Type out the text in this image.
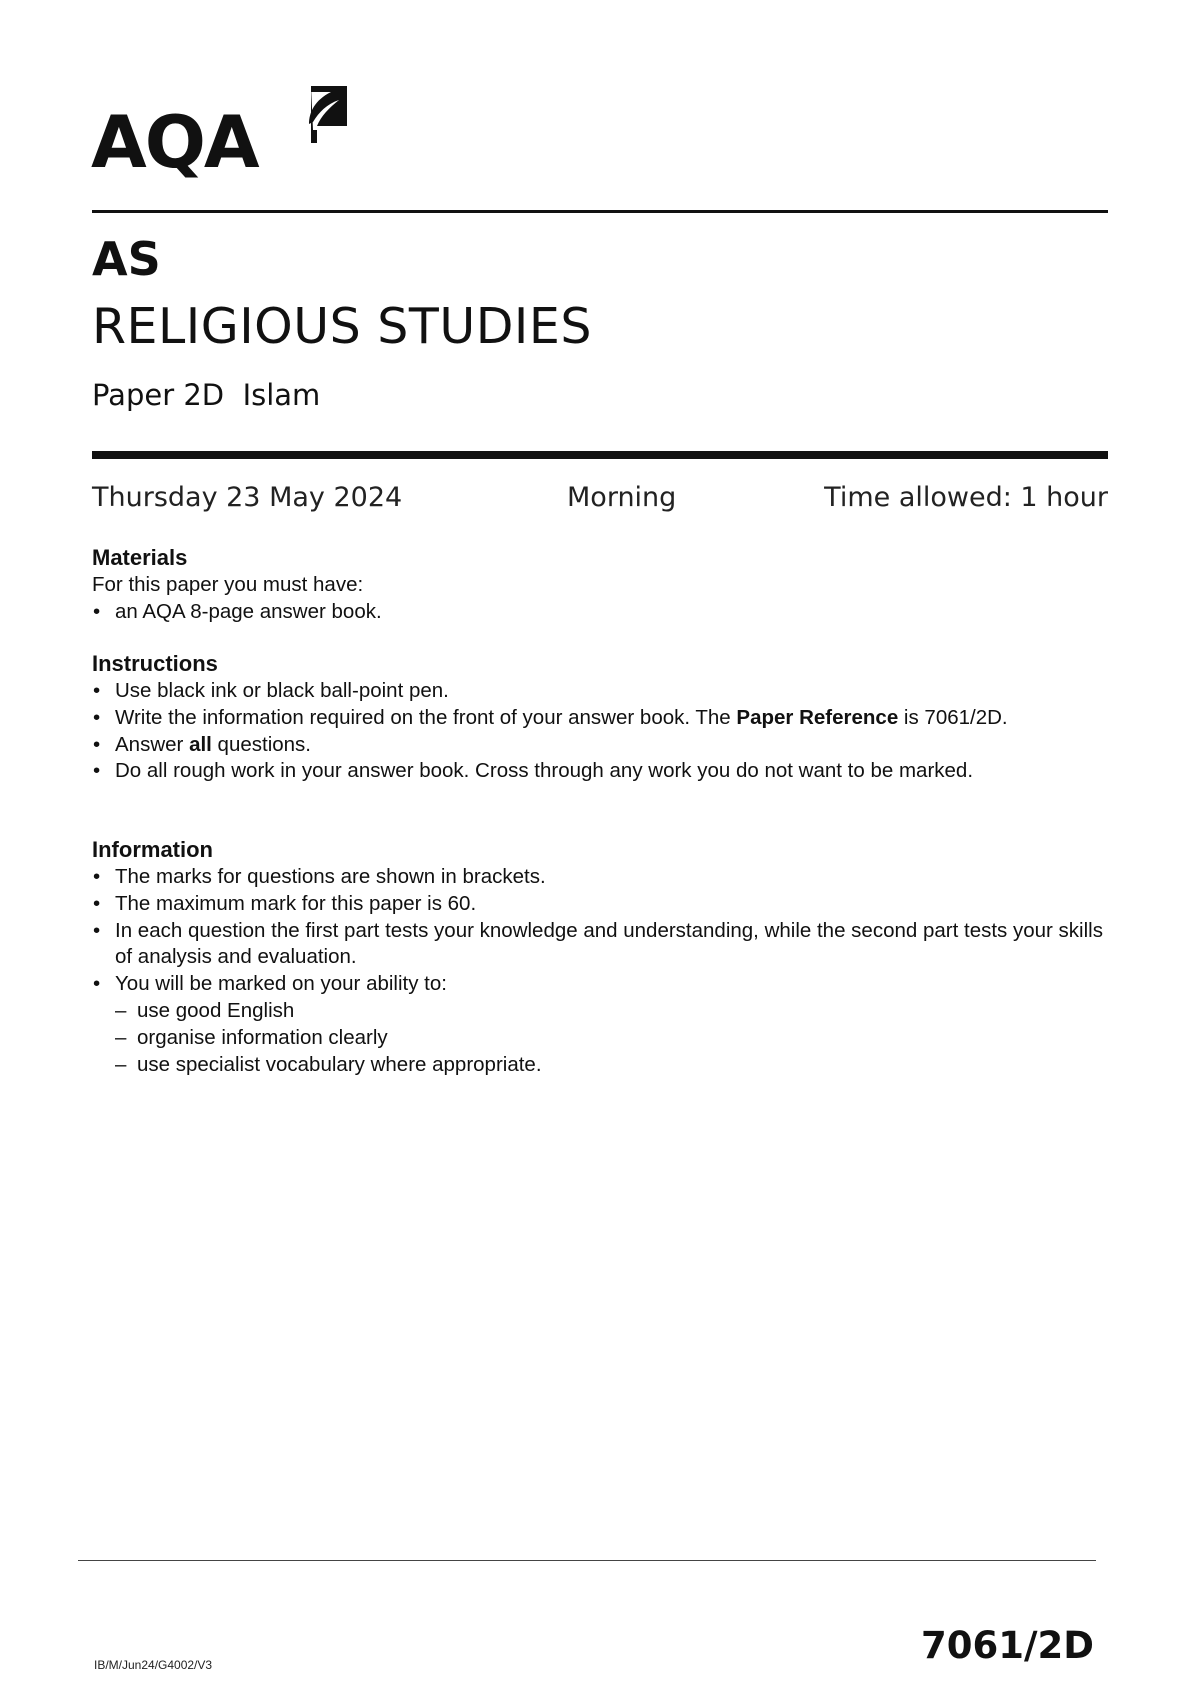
AQA
AS
RELIGIOUS STUDIES
Paper 2D  Islam
Thursday 23 May 2024	Morning	Time allowed: 1 hour
Materials

For this paper you must have:

• an AQA 8-page answer book.
Instructions
• Use black ink or black ball-point pen.
• Write the information required on the front of your answer book. The Paper Reference is 7061/2D.
• Answer all questions.
• Do all rough work in your answer book. Cross through any work you do not want to be marked.
Information
• The marks for questions are shown in brackets.
• The maximum mark for this paper is 60.
• In each question the first part tests your knowledge and understanding, while the second part tests your skills of analysis and evaluation.
• You will be marked on your ability to:
– use good English
– organise information clearly
– use specialist vocabulary where appropriate.
IB/M/Jun24/G4002/V3	7061/2D
